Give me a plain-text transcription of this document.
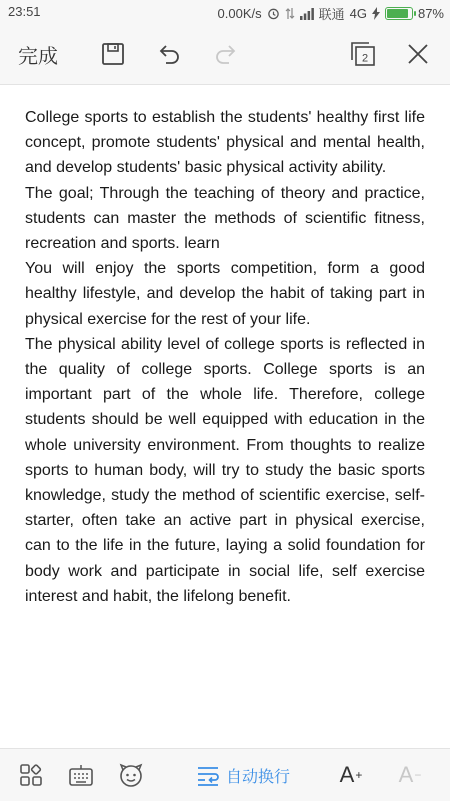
23:51	0.00K/s	联通 4G	87%
完成	2

College sports to establish the students' healthy first life concept, promote students' physical and mental health, and develop students' basic physical activity ability.

The goal; Through the teaching of theory and practice, students can master the methods of scientific fitness, recreation and sports. learn

You will enjoy the sports competition, form a good healthy lifestyle, and develop the habit of taking part in physical exercise for the rest of your life.

The physical ability level of college sports is reflected in the quality of college sports. College sports is an important part of the whole life. Therefore, college students should be well equipped with education in the whole university environment. From thoughts to realize sports to human body, will try to study the basic sports knowledge, study the method of scientific exercise, self-starter, often take an active part in physical exercise, can to the life in the future, laying a solid foundation for body work and participate in social life, self exercise interest and habit, the lifelong benefit.

自动换行 A + A −
